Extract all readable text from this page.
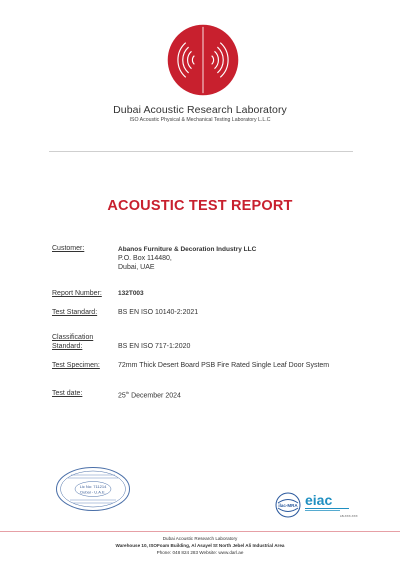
Dubai Acoustic Research Laboratory
ISO Acoustic Physical & Mechanical Testing Laboratory L.L.C
ACOUSTIC TEST REPORT
Customer:	Abanos Furniture & Decoration Industry LLC
P.O. Box 114480,
Dubai, UAE
Report Number: 132T003
Test Standard:	BS EN ISO 10140-2:2021
Classification
Standard:	BS EN ISO 717-1:2020
Test Specimen:	72mm Thick Desert Board PSB Fire Rated Single Leaf Door System
Test date:	25th December 2024
Lic No: 711214
Dubai - U.A.E.
ilac-MRA eiac
LB-XXX-XXX
Dubai Acoustic Research Laboratory
Warehouse 10, ISOFoam Building, Al Asayel St North Jebel Ali Industrial Area
Phone: 048 824 283 Website: www.darl.ae
